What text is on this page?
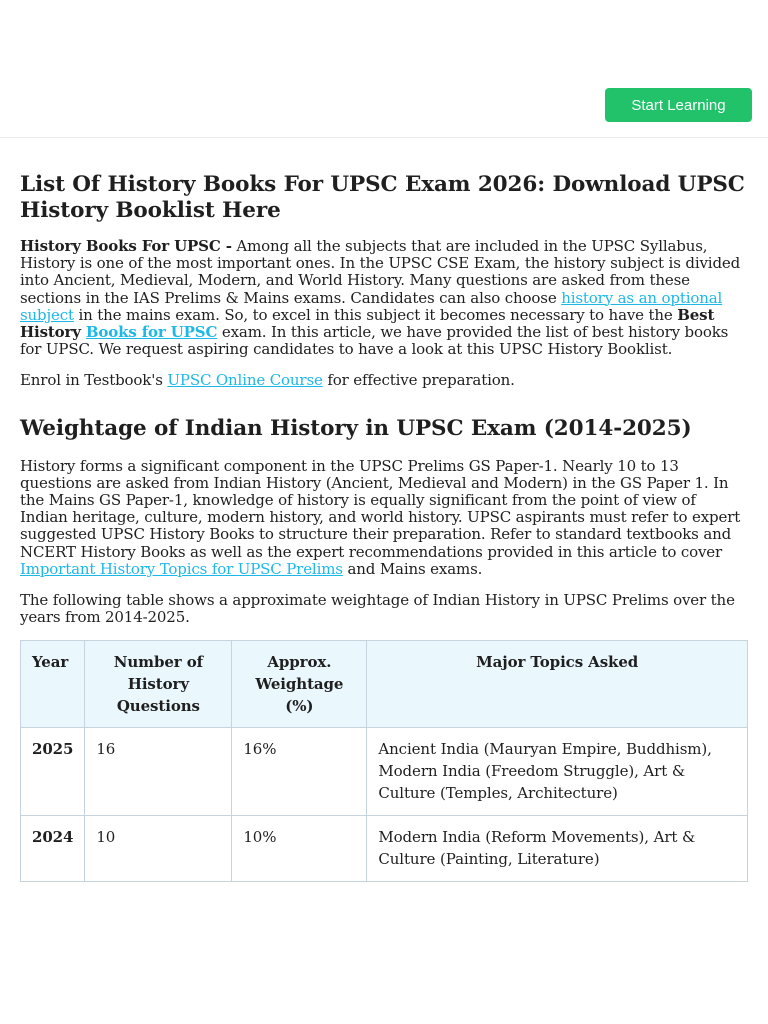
Start Learning
List Of History Books For UPSC Exam 2026: Download UPSC History Booklist Here

History Books For UPSC - Among all the subjects that are included in the UPSC Syllabus, History is one of the most important ones. In the UPSC CSE Exam, the history subject is divided into Ancient, Medieval, Modern, and World History. Many questions are asked from these sections in the IAS Prelims & Mains exams. Candidates can also choose history as an optional subject in the mains exam. So, to excel in this subject it becomes necessary to have the Best History Books for UPSC exam. In this article, we have provided the list of best history books for UPSC. We request aspiring candidates to have a look at this UPSC History Booklist.

Enrol in Testbook's UPSC Online Course for effective preparation.

Weightage of Indian History in UPSC Exam (2014-2025)

History forms a significant component in the UPSC Prelims GS Paper-1. Nearly 10 to 13 questions are asked from Indian History (Ancient, Medieval and Modern) in the GS Paper 1. In the Mains GS Paper-1, knowledge of history is equally significant from the point of view of Indian heritage, culture, modern history, and world history. UPSC aspirants must refer to expert suggested UPSC History Books to structure their preparation. Refer to standard textbooks and NCERT History Books as well as the expert recommendations provided in this article to cover Important History Topics for UPSC Prelims and Mains exams.

The following table shows a approximate weightage of Indian History in UPSC Prelims over the years from 2014-2025.

Year	Number of History Questions	Approx. Weightage (%)	Major Topics Asked
2025	16	16%	Ancient India (Mauryan Empire, Buddhism), Modern India (Freedom Struggle), Art & Culture (Temples, Architecture)
2024	10	10%	Modern India (Reform Movements), Art & Culture (Painting, Literature)
